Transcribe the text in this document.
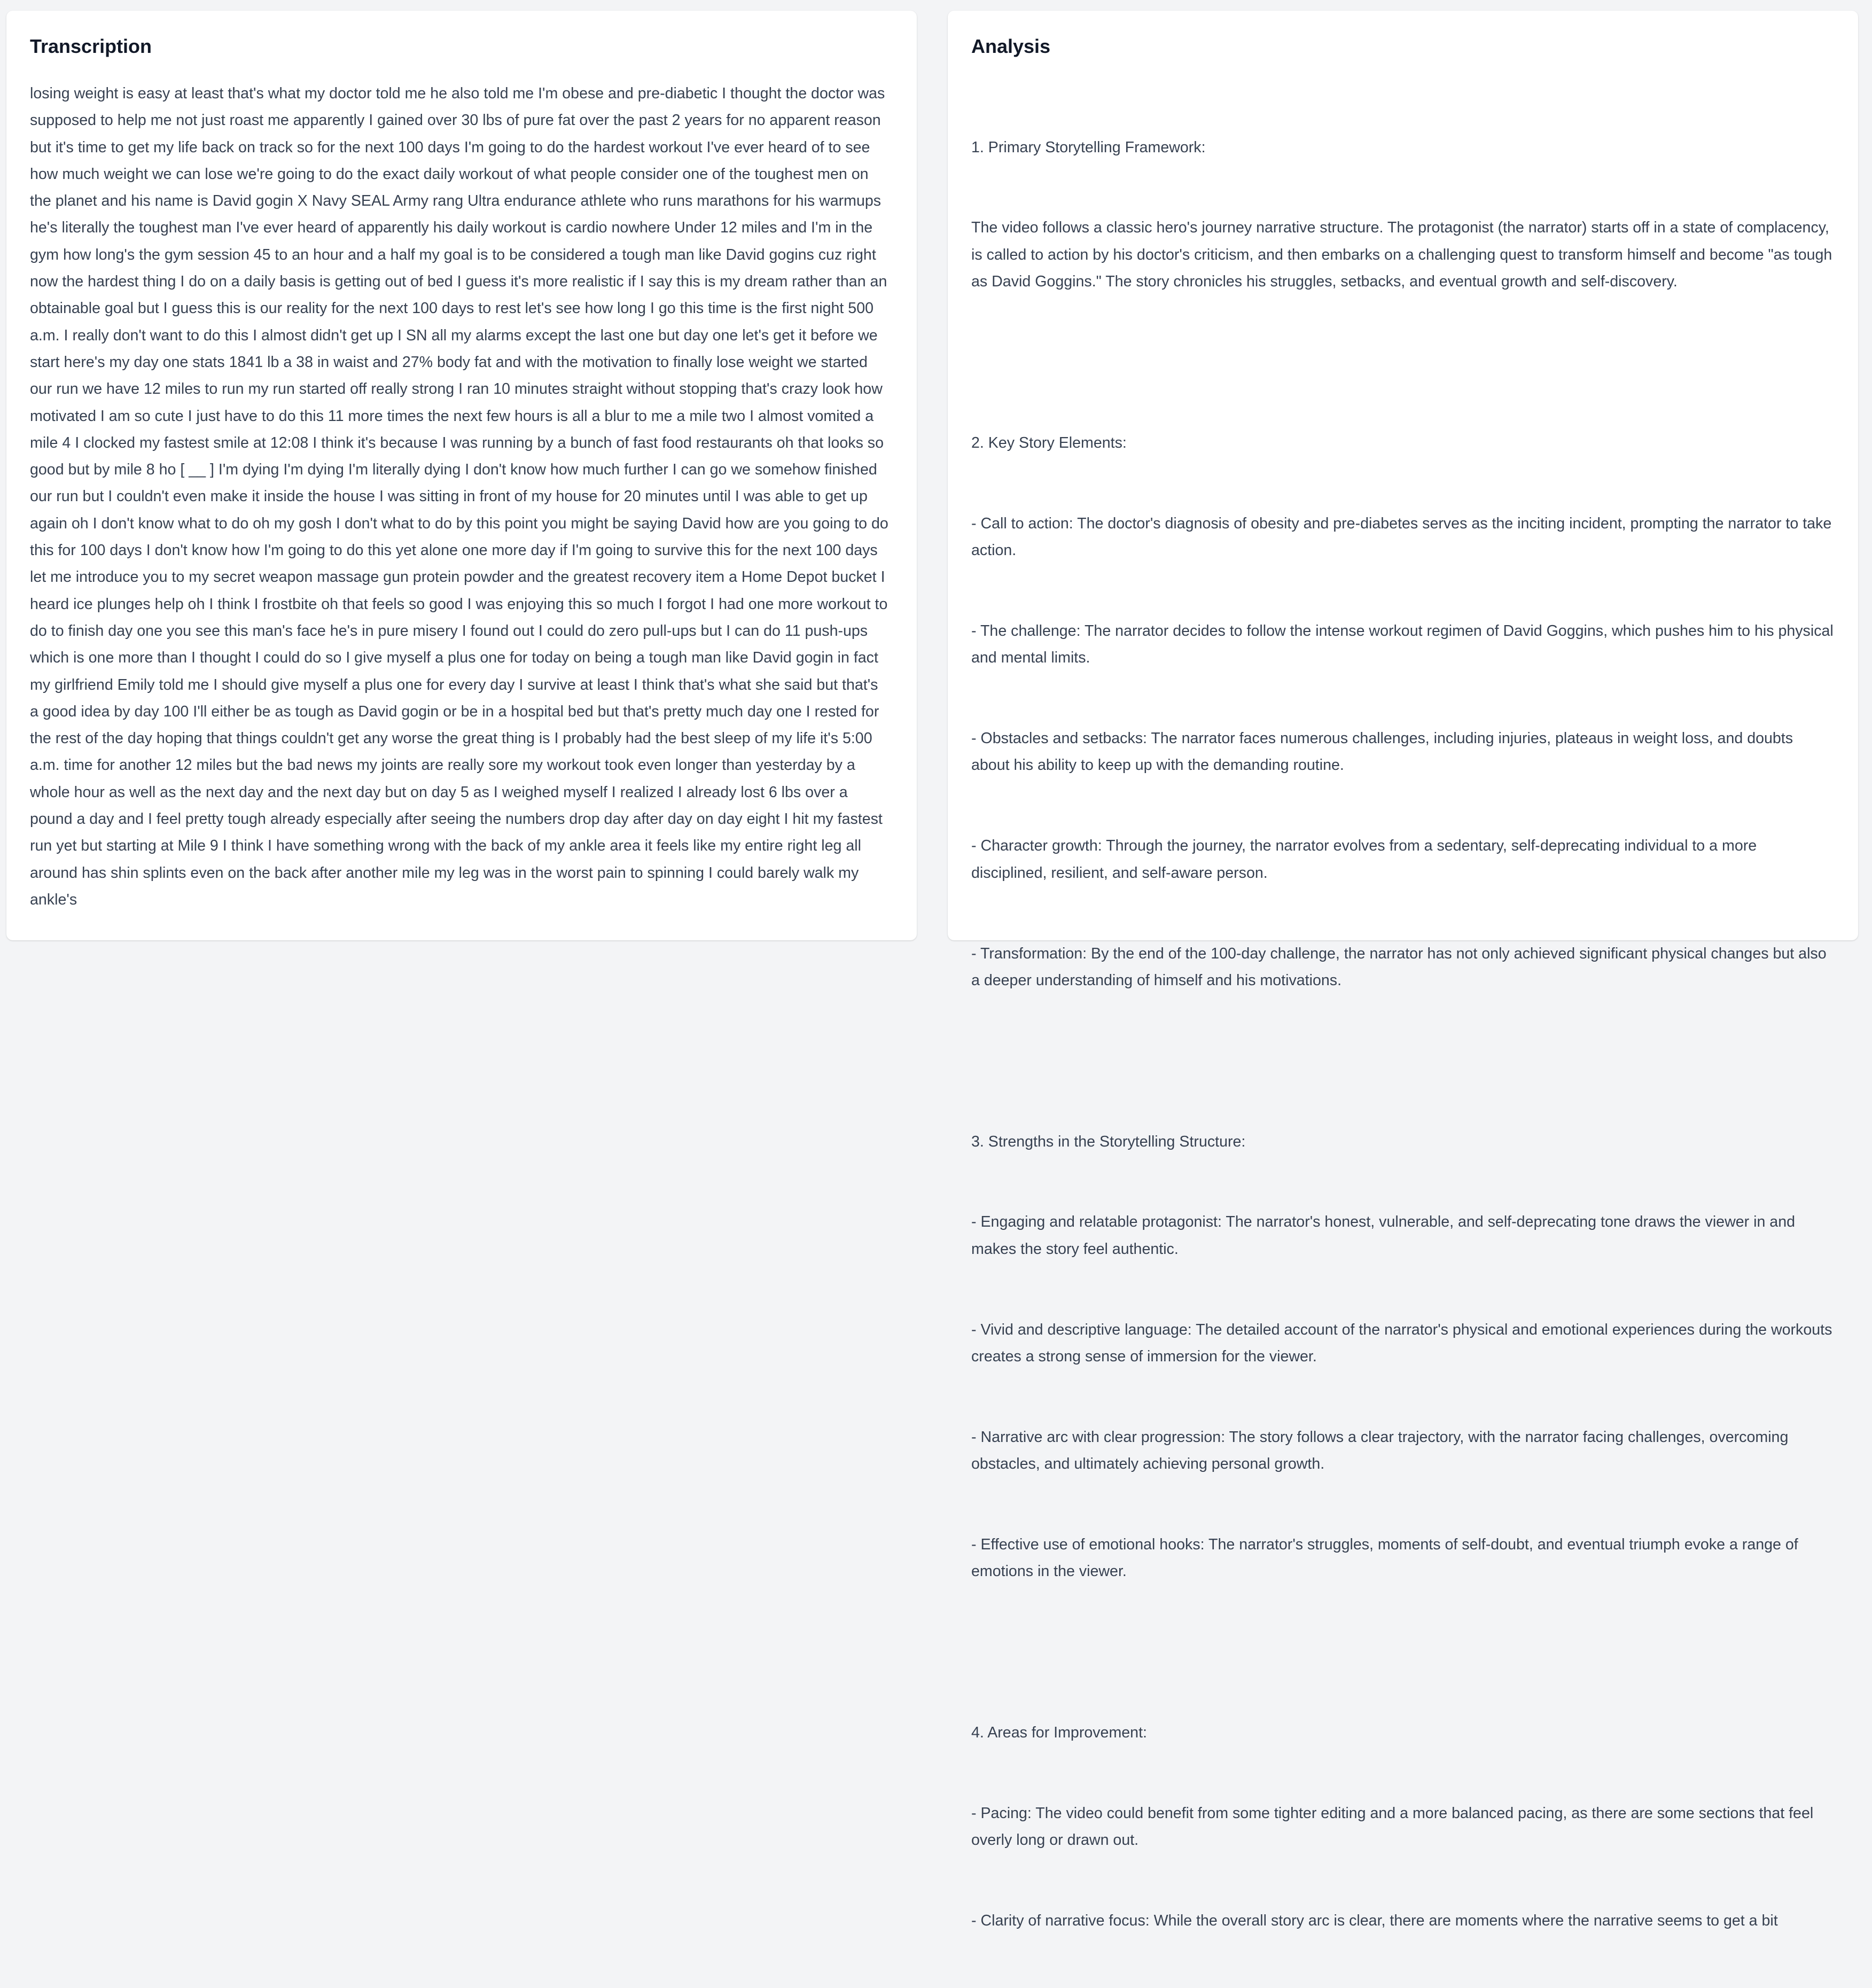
Transcription
losing weight is easy at least that's what my doctor told me he also told me I'm obese and pre-diabetic I thought the doctor was supposed to help me not just roast me apparently I gained over 30 lbs of pure fat over the past 2 years for no apparent reason but it's time to get my life back on track so for the next 100 days I'm going to do the hardest workout I've ever heard of to see how much weight we can lose we're going to do the exact daily workout of what people consider one of the toughest men on the planet and his name is David gogin X Navy SEAL Army rang Ultra endurance athlete who runs marathons for his warmups he's literally the toughest man I've ever heard of apparently his daily workout is cardio nowhere Under 12 miles and I'm in the gym how long's the gym session 45 to an hour and a half my goal is to be considered a tough man like David gogins cuz right now the hardest thing I do on a daily basis is getting out of bed I guess it's more realistic if I say this is my dream rather than an obtainable goal but I guess this is our reality for the next 100 days to rest let's see how long I go this time is the first night 500 a.m. I really don't want to do this I almost didn't get up I SN all my alarms except the last one but day one let's get it before we start here's my day one stats 1841 lb a 38 in waist and 27% body fat and with the motivation to finally lose weight we started our run we have 12 miles to run my run started off really strong I ran 10 minutes straight without stopping that's crazy look how motivated I am so cute I just have to do this 11 more times the next few hours is all a blur to me a mile two I almost vomited a mile 4 I clocked my fastest smile at 12:08 I think it's because I was running by a bunch of fast food restaurants oh that looks so good but by mile 8 ho [ __ ] I'm dying I'm dying I'm literally dying I don't know how much further I can go we somehow finished our run but I couldn't even make it inside the house I was sitting in front of my house for 20 minutes until I was able to get up again oh I don't know what to do oh my gosh I don't what to do by this point you might be saying David how are you going to do this for 100 days I don't know how I'm going to do this yet alone one more day if I'm going to survive this for the next 100 days let me introduce you to my secret weapon massage gun protein powder and the greatest recovery item a Home Depot bucket I heard ice plunges help oh I think I frostbite oh that feels so good I was enjoying this so much I forgot I had one more workout to do to finish day one you see this man's face he's in pure misery I found out I could do zero pull-ups but I can do 11 push-ups which is one more than I thought I could do so I give myself a plus one for today on being a tough man like David gogin in fact my girlfriend Emily told me I should give myself a plus one for every day I survive at least I think that's what she said but that's a good idea by day 100 I'll either be as tough as David gogin or be in a hospital bed but that's pretty much day one I rested for the rest of the day hoping that things couldn't get any worse the great thing is I probably had the best sleep of my life it's 5:00 a.m. time for another 12 miles but the bad news my joints are really sore my workout took even longer than yesterday by a whole hour as well as the next day and the next day but on day 5 as I weighed myself I realized I already lost 6 lbs over a pound a day and I feel pretty tough already especially after seeing the numbers drop day after day on day eight I hit my fastest run yet but starting at Mile 9 I think I have something wrong with the back of my ankle area it feels like my entire right leg all around has shin splints even on the back after another mile my leg was in the worst pain to spinning I could barely walk my ankle's
Analysis

1. Primary Storytelling Framework:

The video follows a classic hero's journey narrative structure. The protagonist (the narrator) starts off in a state of complacency, is called to action by his doctor's criticism, and then embarks on a challenging quest to transform himself and become "as tough as David Goggins." The story chronicles his struggles, setbacks, and eventual growth and self-discovery.

2. Key Story Elements:

- Call to action: The doctor's diagnosis of obesity and pre-diabetes serves as the inciting incident, prompting the narrator to take action.

- The challenge: The narrator decides to follow the intense workout regimen of David Goggins, which pushes him to his physical and mental limits.

- Obstacles and setbacks: The narrator faces numerous challenges, including injuries, plateaus in weight loss, and doubts about his ability to keep up with the demanding routine.

- Character growth: Through the journey, the narrator evolves from a sedentary, self-deprecating individual to a more disciplined, resilient, and self-aware person.

- Transformation: By the end of the 100-day challenge, the narrator has not only achieved significant physical changes but also a deeper understanding of himself and his motivations.

3. Strengths in the Storytelling Structure:

- Engaging and relatable protagonist: The narrator's honest, vulnerable, and self-deprecating tone draws the viewer in and makes the story feel authentic.

- Vivid and descriptive language: The detailed account of the narrator's physical and emotional experiences during the workouts creates a strong sense of immersion for the viewer.

- Narrative arc with clear progression: The story follows a clear trajectory, with the narrator facing challenges, overcoming obstacles, and ultimately achieving personal growth.

- Effective use of emotional hooks: The narrator's struggles, moments of self-doubt, and eventual triumph evoke a range of emotions in the viewer.

4. Areas for Improvement:

- Pacing: The video could benefit from some tighter editing and a more balanced pacing, as there are some sections that feel overly long or drawn out.

- Clarity of narrative focus: While the overall story arc is clear, there are moments where the narrative seems to get a bit
